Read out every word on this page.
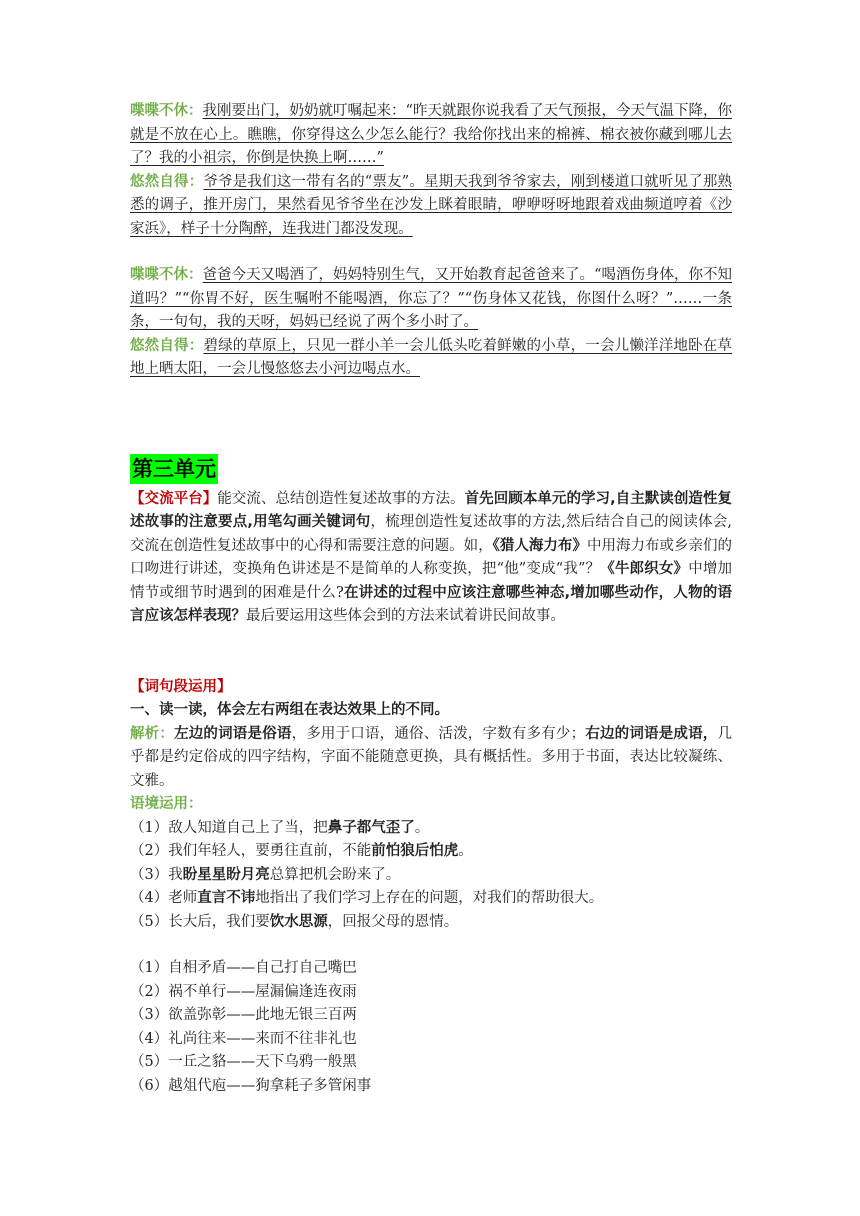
喋喋不休：我刚要出门，奶奶就叮嘱起来：“昨天就跟你说我看了天气预报，今天气温下降，你就是不放在心上。瞧瞧，你穿得这么少怎么能行？我给你找出来的棉裤、棉衣被你藏到哪儿去了？我的小祖宗，你倒是快换上啊……”

悠然自得：爷爷是我们这一带有名的“票友”。星期天我到爷爷家去，刚到楼道口就听见了那熟悉的调子，推开房门，果然看见爷爷坐在沙发上眯着眼睛，咿咿呀呀地跟着戏曲频道哼着《沙家浜》，样子十分陶醉，连我进门都没发现。

喋喋不休：爸爸今天又喝酒了，妈妈特别生气，又开始教育起爸爸来了。“喝酒伤身体，你不知道吗？”“你胃不好，医生嘱咐不能喝酒，你忘了？”“伤身体又花钱，你图什么呀？”……一条条，一句句，我的天呀，妈妈已经说了两个多小时了。

悠然自得：碧绿的草原上，只见一群小羊一会儿低头吃着鲜嫩的小草，一会儿懒洋洋地卧在草地上晒太阳，一会儿慢悠悠去小河边喝点水。

第三单元

【交流平台】能交流、总结创造性复述故事的方法。首先回顾本单元的学习,自主默读创造性复述故事的注意要点,用笔勾画关键词句，梳理创造性复述故事的方法,然后结合自己的阅读体会,交流在创造性复述故事中的心得和需要注意的问题。如，《猎人海力布》中用海力布或乡亲们的口吻进行讲述，变换角色讲述是不是简单的人称变换，把“他”变成“我”？《牛郎织女》中增加情节或细节时遇到的困难是什么?在讲述的过程中应该注意哪些神态,增加哪些动作，人物的语言应该怎样表现？最后要运用这些体会到的方法来试着讲民间故事。

【词句段运用】

一、读一读，体会左右两组在表达效果上的不同。

解析：左边的词语是俗语，多用于口语，通俗、活泼，字数有多有少；右边的词语是成语，几乎都是约定俗成的四字结构，字面不能随意更换，具有概括性。多用于书面，表达比较凝练、文雅。

语境运用：

（1）敌人知道自己上了当，把鼻子都气歪了。

（2）我们年轻人，要勇往直前，不能前怕狼后怕虎。

（3）我盼星星盼月亮总算把机会盼来了。

（4）老师直言不讳地指出了我们学习上存在的问题，对我们的帮助很大。

（5）长大后，我们要饮水思源，回报父母的恩情。

（1）自相矛盾——自己打自己嘴巴

（2）祸不单行——屋漏偏逢连夜雨

（3）欲盖弥彰——此地无银三百两

（4）礼尚往来——来而不往非礼也

（5）一丘之貉——天下乌鸦一般黑

（6）越俎代庖——狗拿耗子多管闲事
